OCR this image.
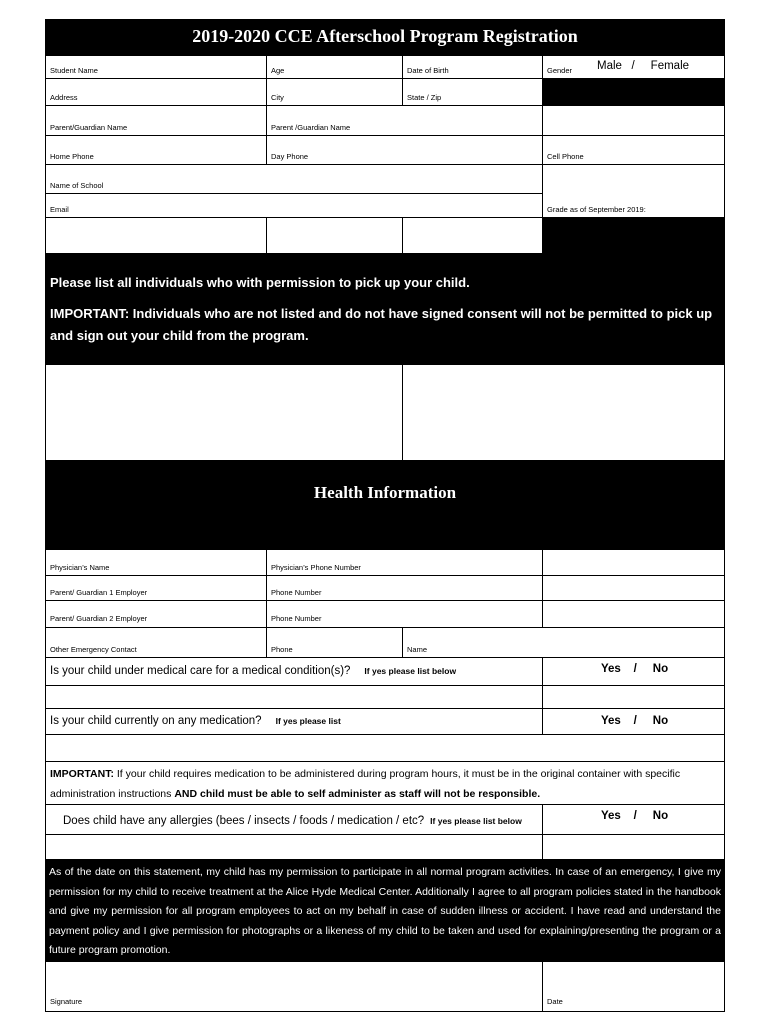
2019-2020 CCE Afterschool Program Registration
Student Name	Age	Date of Birth	Gender Male   /     Female
Address	City	State / Zip
Parent/Guardian Name	Parent /Guardian Name
Home Phone	Day Phone	Cell Phone
Name of School
Grade as of September 2019:
Email
Please list all individuals who with permission to pick up your child.
IMPORTANT: Individuals who are not listed and do not have signed consent will not be permitted to pick up and sign out your child from the program.
Health Information
Physician’s Name	Physician’s Phone Number
Parent/ Guardian 1 Employer	Phone Number
Parent/ Guardian 2 Employer	Phone Number
Other Emergency Contact	Phone	Name
Is your child under medical care for a medical condition(s)? If yes please list below	Yes    /     No
Is your child currently on any medication? If yes please list	Yes    /     No
IMPORTANT: If your child requires medication to be administered during program hours, it must be in the original container with specific administration instructions AND child must be able to self administer as staff will not be responsible.
Does child have any allergies (bees / insects / foods / medication / etc? If yes please list below	Yes    /     No
As of the date on this statement, my child has my permission to participate in all normal program activities. In case of an emergency, I give my permission for my child to receive treatment at the Alice Hyde Medical Center. Additionally I agree to all program policies stated in the handbook and give my permission for all program employees to act on my behalf in case of sudden illness or accident. I have read and understand the payment policy and I give permission for photographs or a likeness of my child to be taken and used for explaining/presenting the program or a future program promotion.
Signature	Date
